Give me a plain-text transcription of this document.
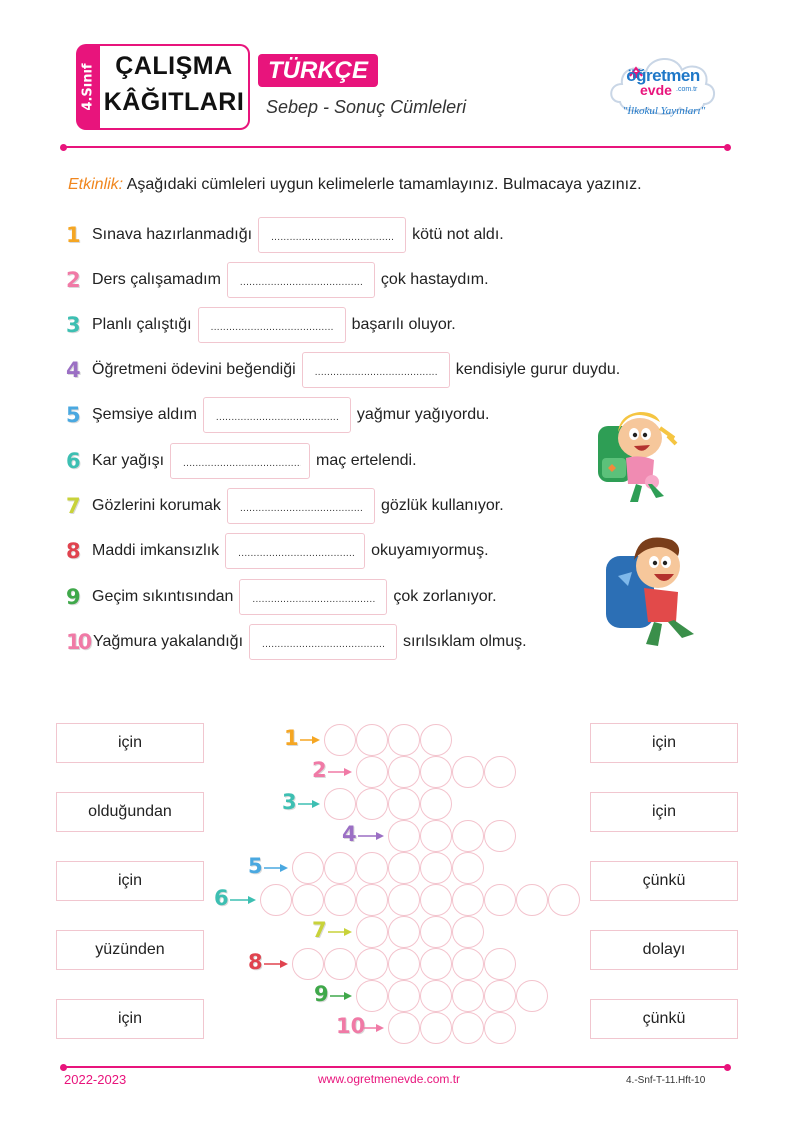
4.Sınıf ÇALIŞMA
KÂĞITLARI
TÜRKÇE
Sebep - Sonuç Cümleleri
öğretmen
evde .com.tr
"İlkokul Yayınları"
Etkinlik: Aşağıdaki cümleleri uygun kelimelerle tamamlayınız. Bulmacaya yazınız.
1 Sınava hazırlanmadığı .....	kötü not aldı.
2 Ders çalışamadım .....	çok hastaydım.
3 Planlı çalıştığı .....	başarılı oluyor.
4 Öğretmeni ödevini beğendiği .....	kendisiyle gurur duydu.
5 Şemsiye aldım .....	yağmur yağıyordu.
6 Kar yağışı .....	maç ertelendi.
7 Gözlerini korumak .....	gözlük kullanıyor.
8 Maddi imkansızlık .....	okuyamıyormuş.
9 Geçim sıkıntısından .....	çok zorlanıyor.
10 Yağmura yakalandığı .....	sırılsıklam olmuş.
için
olduğundan
için
yüzünden
için
için
için
çünkü
dolayı
çünkü
1
2
3
4
5
6
7
8
9
10
2022-2023	www.ogretmenevde.com.tr	4.-Snf-T-11.Hft-10
